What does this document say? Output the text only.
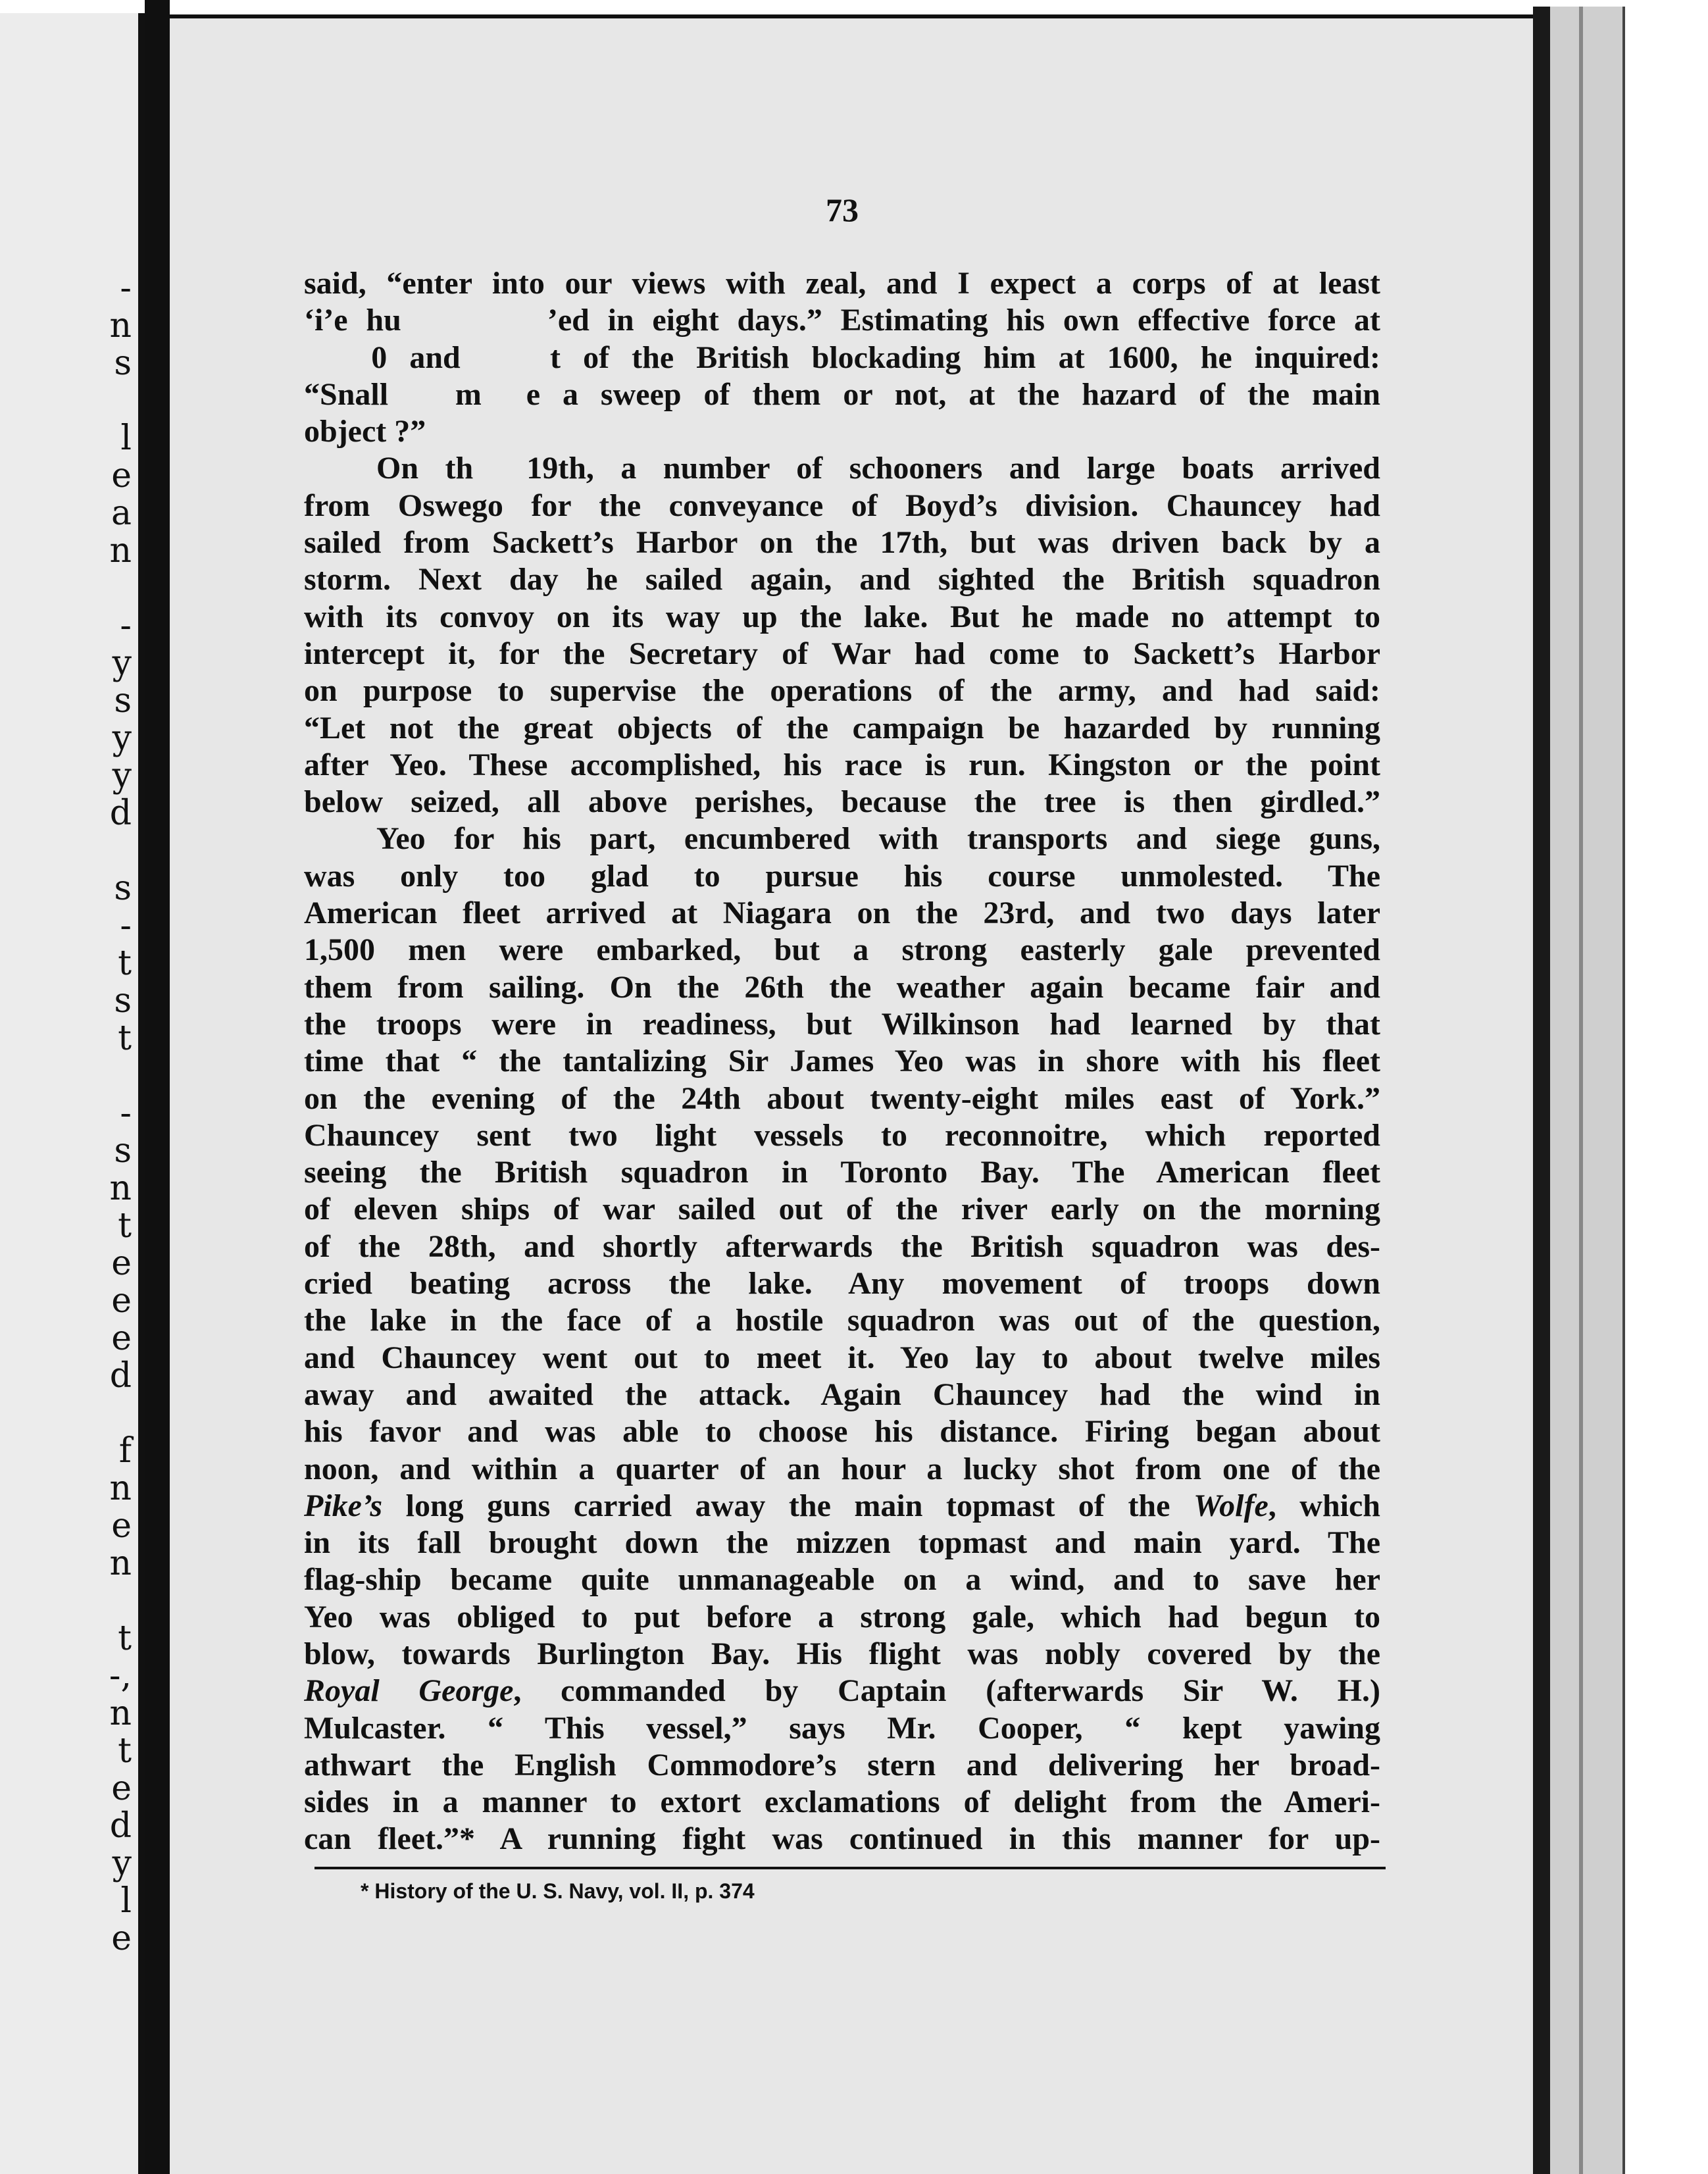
-
n
s
l
e
a
n
-
y
s
y
y
d
s
-
t
s
t
-
s
n
t
e
e
e
d
f
n
e
n
t
-,
n
t
e
d
y
l
e

73

said, “enter into our views with zeal, and I expect a corps of at least
‘i’e hu        ’ed in eight days.” Estimating his own effective force at
0 and    t of the British blockading him at 1600, he inquired:
“Snall   m  e a sweep of them or not, at the hazard of the main
object ?”
On th  19th, a number of schooners and large boats arrived
from Oswego for the conveyance of Boyd’s division. Chauncey had
sailed from Sackett’s Harbor on the 17th, but was driven back by a
storm. Next day he sailed again, and sighted the British squadron
with its convoy on its way up the lake. But he made no attempt to
intercept it, for the Secretary of War had come to Sackett’s Harbor
on purpose to supervise the operations of the army, and had said:
“Let not the great objects of the campaign be hazarded by running
after Yeo. These accomplished, his race is run. Kingston or the point
below seized, all above perishes, because the tree is then girdled.”
Yeo for his part, encumbered with transports and siege guns,
was only too glad to pursue his course unmolested. The
American fleet arrived at Niagara on the 23rd, and two days later
1,500 men were embarked, but a strong easterly gale prevented
them from sailing. On the 26th the weather again became fair and
the troops were in readiness, but Wilkinson had learned by that
time that “ the tantalizing Sir James Yeo was in shore with his fleet
on the evening of the 24th about twenty-eight miles east of York.”
Chauncey sent two light vessels to reconnoitre, which reported
seeing the British squadron in Toronto Bay. The American fleet
of eleven ships of war sailed out of the river early on the morning
of the 28th, and shortly afterwards the British squadron was des-
cried beating across the lake. Any movement of troops down
the lake in the face of a hostile squadron was out of the question,
and Chauncey went out to meet it. Yeo lay to about twelve miles
away and awaited the attack. Again Chauncey had the wind in
his favor and was able to choose his distance. Firing began about
noon, and within a quarter of an hour a lucky shot from one of the
Pike’s long guns carried away the main topmast of the Wolfe, which
in its fall brought down the mizzen topmast and main yard. The
flag-ship became quite unmanageable on a wind, and to save her
Yeo was obliged to put before a strong gale, which had begun to
blow, towards Burlington Bay. His flight was nobly covered by the
Royal George, commanded by Captain (afterwards Sir W. H.)
Mulcaster. “ This vessel,” says Mr. Cooper, “ kept yawing
athwart the English Commodore’s stern and delivering her broad-
sides in a manner to extort exclamations of delight from the Ameri-
can fleet.”* A running fight was continued in this manner for up-

* History of the U. S. Navy, vol. II, p. 374
